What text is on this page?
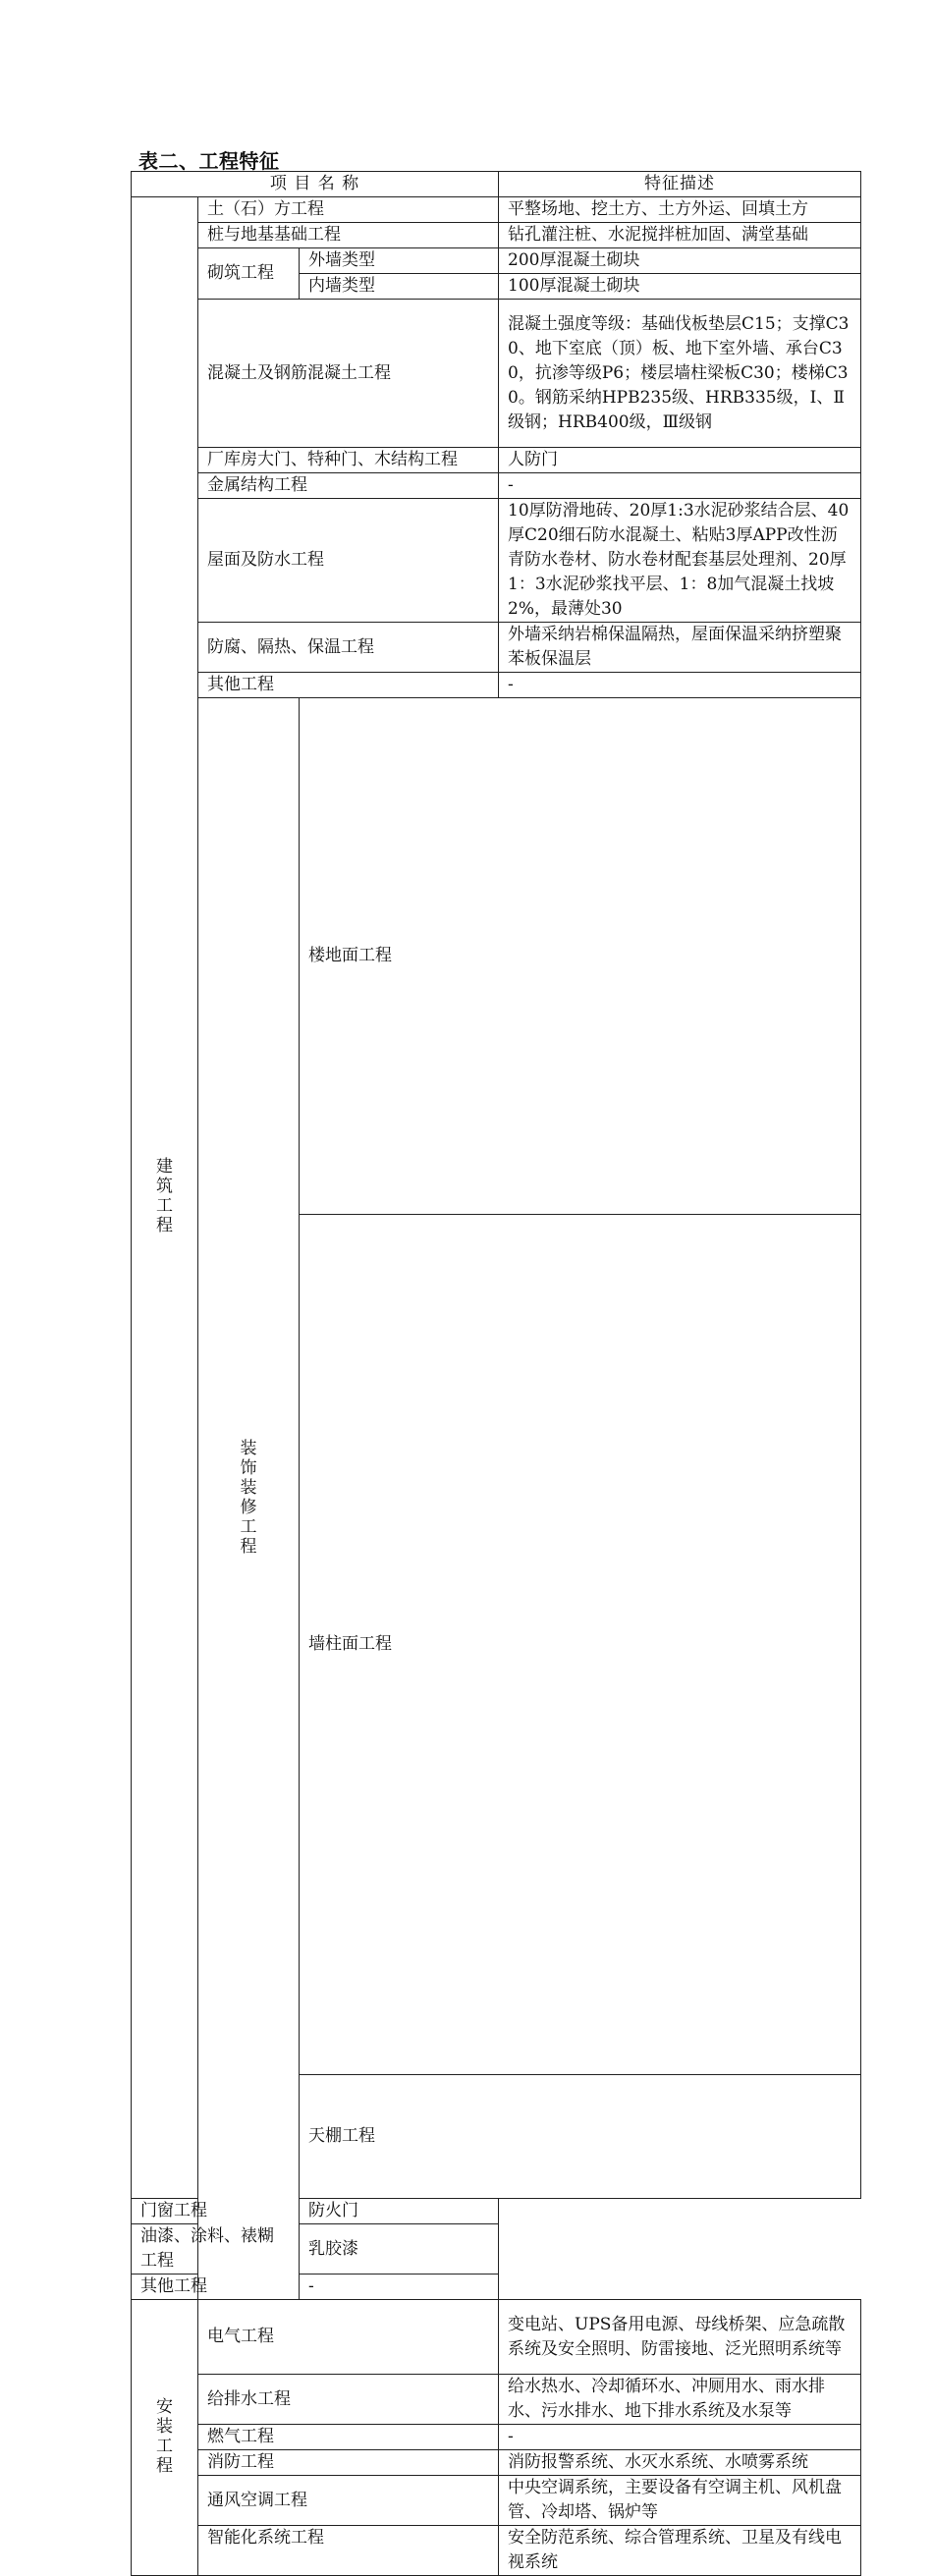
表二、工程特征
项 目 名 称			特征描述	
建筑工程	土（石）方工程		平整场地、挖土方、土方外运、回填土方	
	桩与地基基础工程		钻孔灌注桩、水泥搅拌桩加固、满堂基础	
	砌筑工程	外墙类型	200厚混凝土砌块	
		内墙类型	100厚混凝土砌块	
	混凝土及钢筋混凝土工程		混凝土强度等级：基础伐板垫层C15；支撑C30、地下室底（顶）板、地下室外墙、承台C30，抗渗等级P6；楼层墙柱梁板C30；楼梯C30。钢筋采纳HPB235级、HRB335级，Ⅰ、Ⅱ级钢；HRB400级，Ⅲ级钢	
	厂库房大门、特种门、木结构工程		人防门	
	金属结构工程		-	
	屋面及防水工程		10厚防滑地砖、20厚1:3水泥砂浆结合层、40厚C20细石防水混凝土、粘贴3厚APP改性沥青防水卷材、防水卷材配套基层处理剂、20厚1：3水泥砂浆找平层、1：8加气混凝土找坡2%，最薄处30	
	防腐、隔热、保温工程		外墙采纳岩棉保温隔热，屋面保温采纳挤塑聚苯板保温层	
	其他工程		-	
	装饰装修工程	楼地面工程	
		墙柱面工程	
		天棚工程	
门窗工程		防火门		
油漆、涂料、裱糊工程		乳胶漆		
其他工程		-		
安装工程	电气工程		变电站、UPS备用电源、母线桥架、应急疏散系统及安全照明、防雷接地、泛光照明系统等	
	给排水工程		给水热水、冷却循环水、冲厕用水、雨水排水、污水排水、地下排水系统及水泵等	
	燃气工程		-	
	消防工程		消防报警系统、水灭水系统、水喷雾系统	
	通风空调工程		中央空调系统，主要设备有空调主机、风机盘管、冷却塔、锅炉等	
	智能化系统工程		安全防范系统、综合管理系统、卫星及有线电视系统	
